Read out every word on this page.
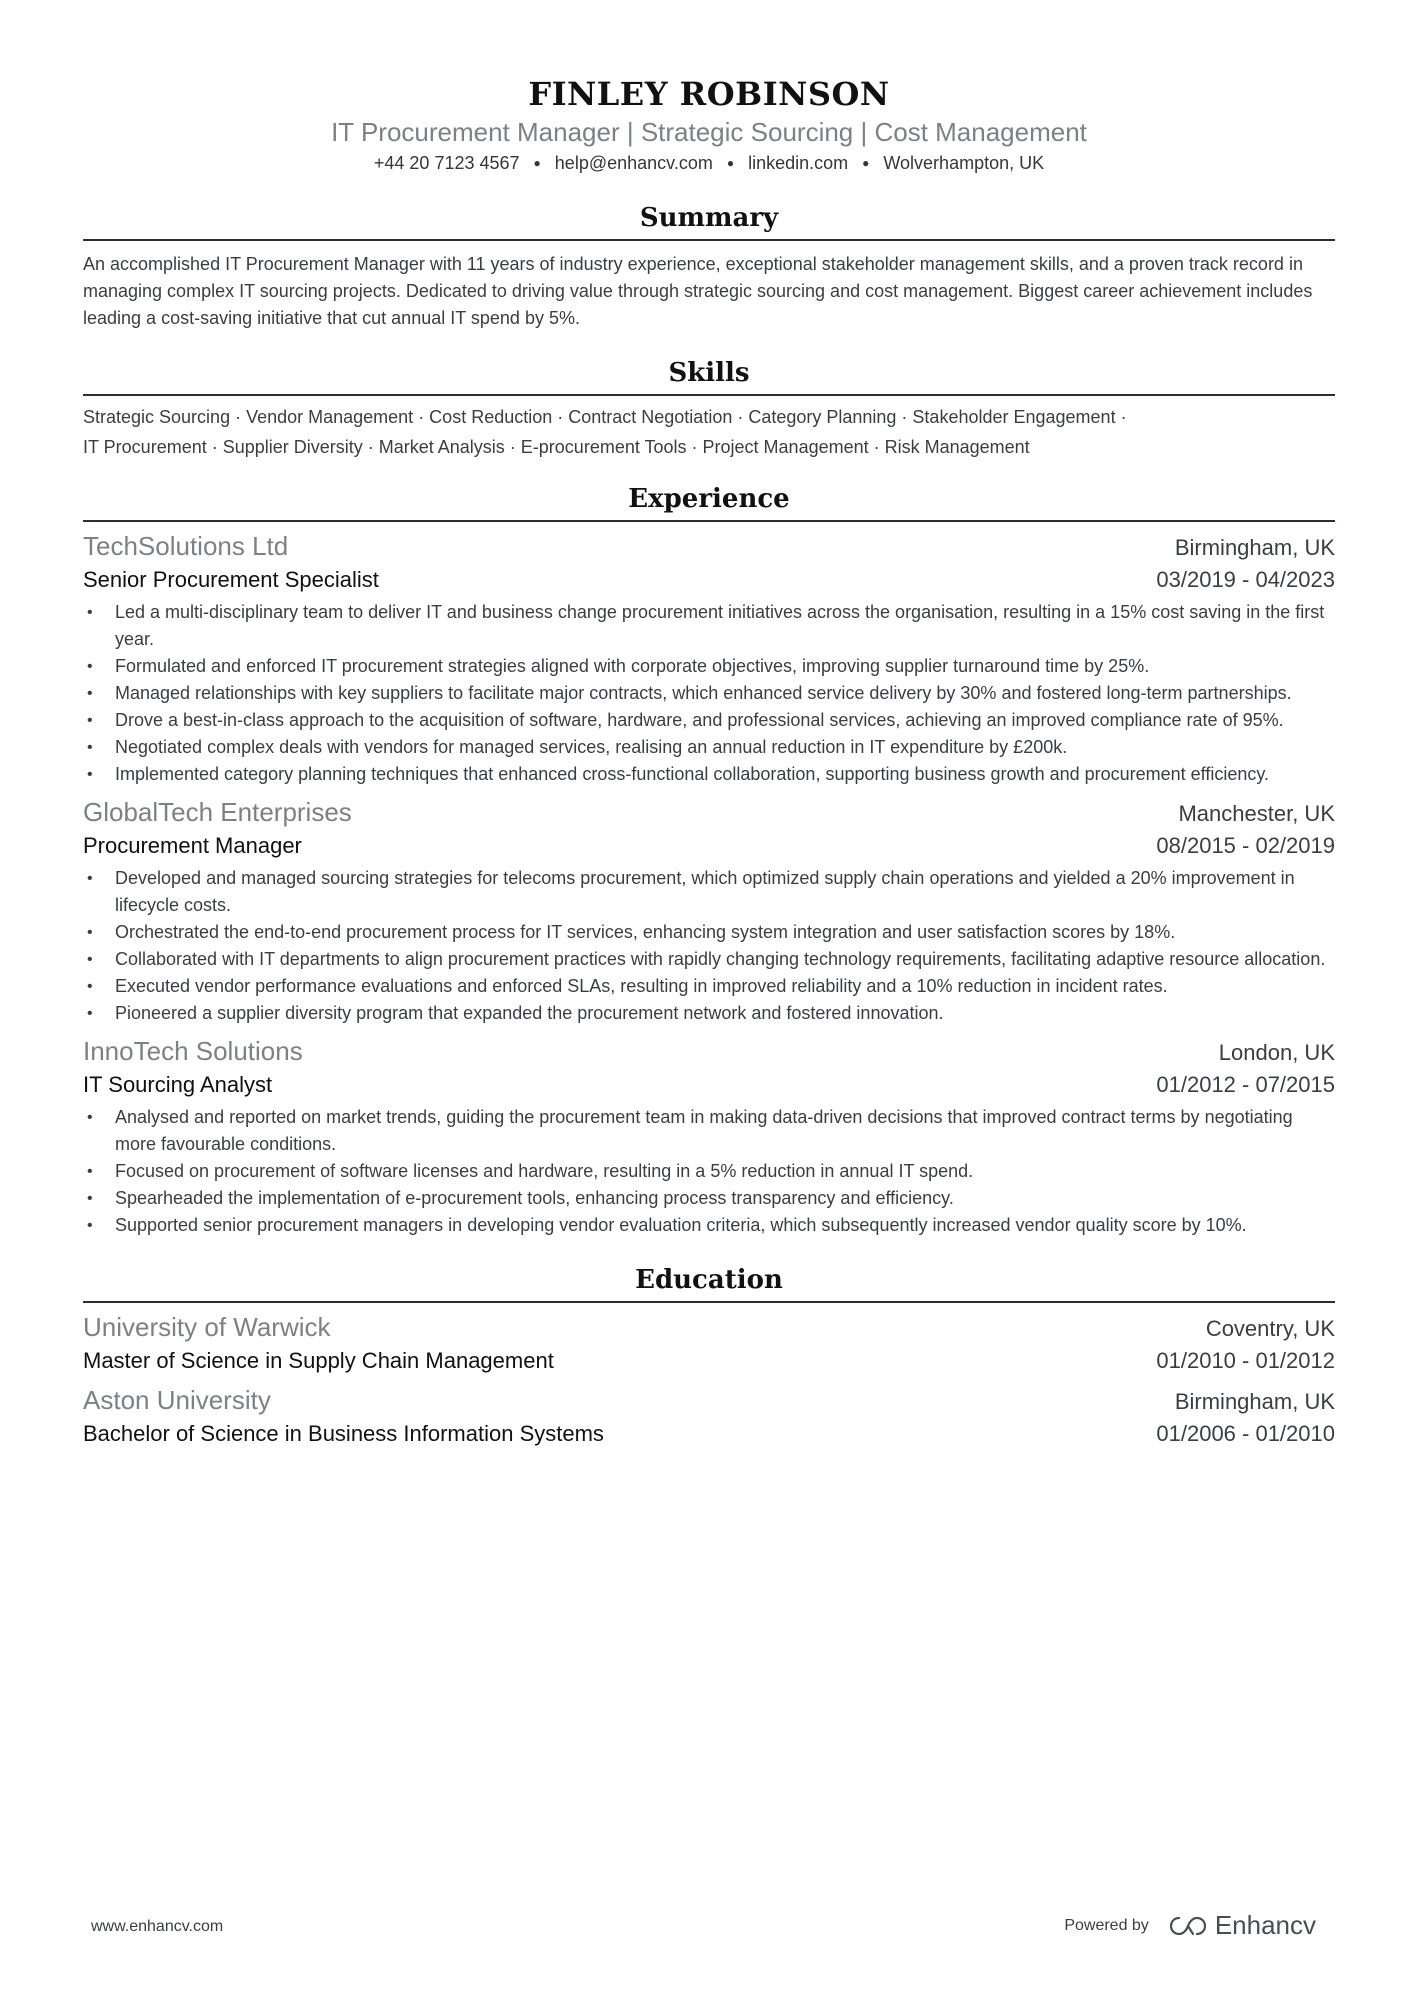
FINLEY ROBINSON
IT Procurement Manager | Strategic Sourcing | Cost Management
+44 20 7123 4567 ● help@enhancv.com ● linkedin.com ● Wolverhampton, UK
Summary

An accomplished IT Procurement Manager with 11 years of industry experience, exceptional stakeholder management skills, and a proven track record in managing complex IT sourcing projects. Dedicated to driving value through strategic sourcing and cost management. Biggest career achievement includes leading a cost-saving initiative that cut annual IT spend by 5%.

Skills
Strategic Sourcing · Vendor Management · Cost Reduction · Contract Negotiation · Category Planning · Stakeholder Engagement ·
IT Procurement · Supplier Diversity · Market Analysis · E-procurement Tools · Project Management · Risk Management
Experience
TechSolutions Ltd	Birmingham, UK
Senior Procurement Specialist	03/2019 - 04/2023
• Led a multi-disciplinary team to deliver IT and business change procurement initiatives across the organisation, resulting in a 15% cost saving in the first year.
• Formulated and enforced IT procurement strategies aligned with corporate objectives, improving supplier turnaround time by 25%.
• Managed relationships with key suppliers to facilitate major contracts, which enhanced service delivery by 30% and fostered long-term partnerships.
• Drove a best-in-class approach to the acquisition of software, hardware, and professional services, achieving an improved compliance rate of 95%.
• Negotiated complex deals with vendors for managed services, realising an annual reduction in IT expenditure by £200k.
• Implemented category planning techniques that enhanced cross-functional collaboration, supporting business growth and procurement efficiency.
GlobalTech Enterprises	Manchester, UK
Procurement Manager	08/2015 - 02/2019
• Developed and managed sourcing strategies for telecoms procurement, which optimized supply chain operations and yielded a 20% improvement in lifecycle costs.
• Orchestrated the end-to-end procurement process for IT services, enhancing system integration and user satisfaction scores by 18%.
• Collaborated with IT departments to align procurement practices with rapidly changing technology requirements, facilitating adaptive resource allocation.
• Executed vendor performance evaluations and enforced SLAs, resulting in improved reliability and a 10% reduction in incident rates.
• Pioneered a supplier diversity program that expanded the procurement network and fostered innovation.
InnoTech Solutions	London, UK
IT Sourcing Analyst	01/2012 - 07/2015
• Analysed and reported on market trends, guiding the procurement team in making data-driven decisions that improved contract terms by negotiating more favourable conditions.
• Focused on procurement of software licenses and hardware, resulting in a 5% reduction in annual IT spend.
• Spearheaded the implementation of e-procurement tools, enhancing process transparency and efficiency.
• Supported senior procurement managers in developing vendor evaluation criteria, which subsequently increased vendor quality score by 10%.
Education
University of Warwick	Coventry, UK
Master of Science in Supply Chain Management	01/2010 - 01/2012
Aston University	Birmingham, UK
Bachelor of Science in Business Information Systems	01/2006 - 01/2010
www.enhancv.com	Powered by	Enhancv
